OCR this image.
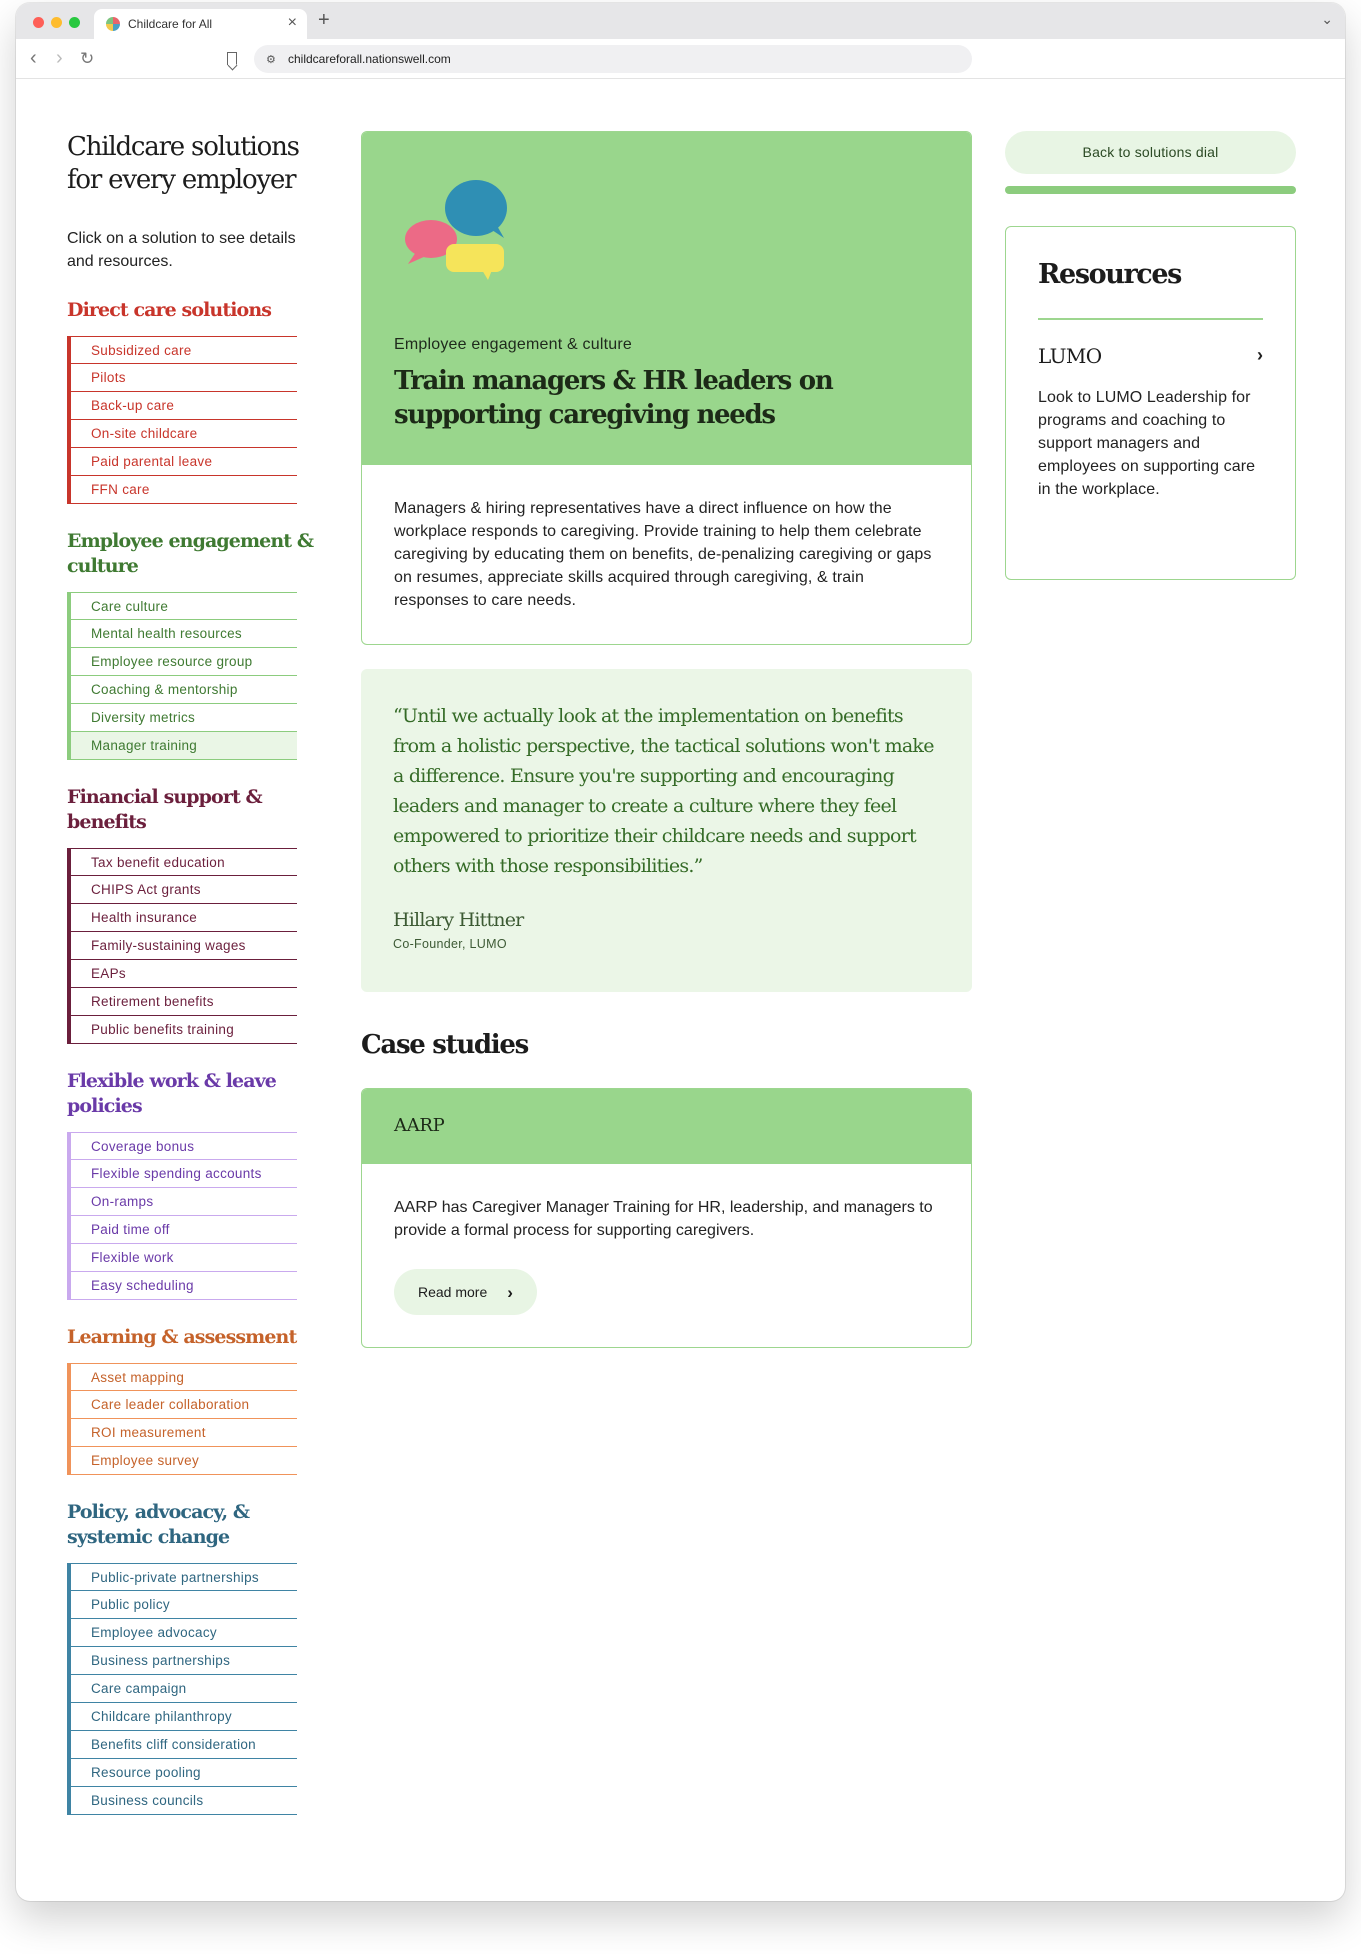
Childcare for All	× +	⌄
‹ › ↻	⚙ childcareforall.nationswell.com
Childcare solutions for every employer

Click on a solution to see details and resources.

Direct care solutions
Subsidized care
Pilots
Back-up care
On-site childcare
Paid parental leave
FFN care
Employee engagement & culture
Care culture
Mental health resources
Employee resource group
Coaching & mentorship
Diversity metrics
Manager training
Financial support & benefits
Tax benefit education
CHIPS Act grants
Health insurance
Family-sustaining wages
EAPs
Retirement benefits
Public benefits training
Flexible work & leave policies
Coverage bonus
Flexible spending accounts
On-ramps
Paid time off
Flexible work
Easy scheduling
Learning & assessment
Asset mapping
Care leader collaboration
ROI measurement
Employee survey
Policy, advocacy, & systemic change
Public-private partnerships
Public policy
Employee advocacy
Business partnerships
Care campaign
Childcare philanthropy
Benefits cliff consideration
Resource pooling
Business councils
Employee engagement & culture
Train managers & HR leaders on supporting caregiving needs

Managers & hiring representatives have a direct influence on how the workplace responds to caregiving. Provide training to help them celebrate caregiving by educating them on benefits, de-penalizing caregiving or gaps on resumes, appreciate skills acquired through caregiving, & train responses to care needs.

“Until we actually look at the implementation on benefits from a holistic perspective, the tactical solutions won't make a difference. Ensure you're supporting and encouraging leaders and manager to create a culture where they feel empowered to prioritize their childcare needs and support others with those responsibilities.”

Hillary Hittner
Co-Founder, LUMO
Case studies
AARP

AARP has Caregiver Manager Training for HR, leadership, and managers to provide a formal process for supporting caregivers.

Read more ›
Back to solutions dial
Resources
LUMO	›

Look to LUMO Leadership for programs and coaching to support managers and employees on supporting care in the workplace.
